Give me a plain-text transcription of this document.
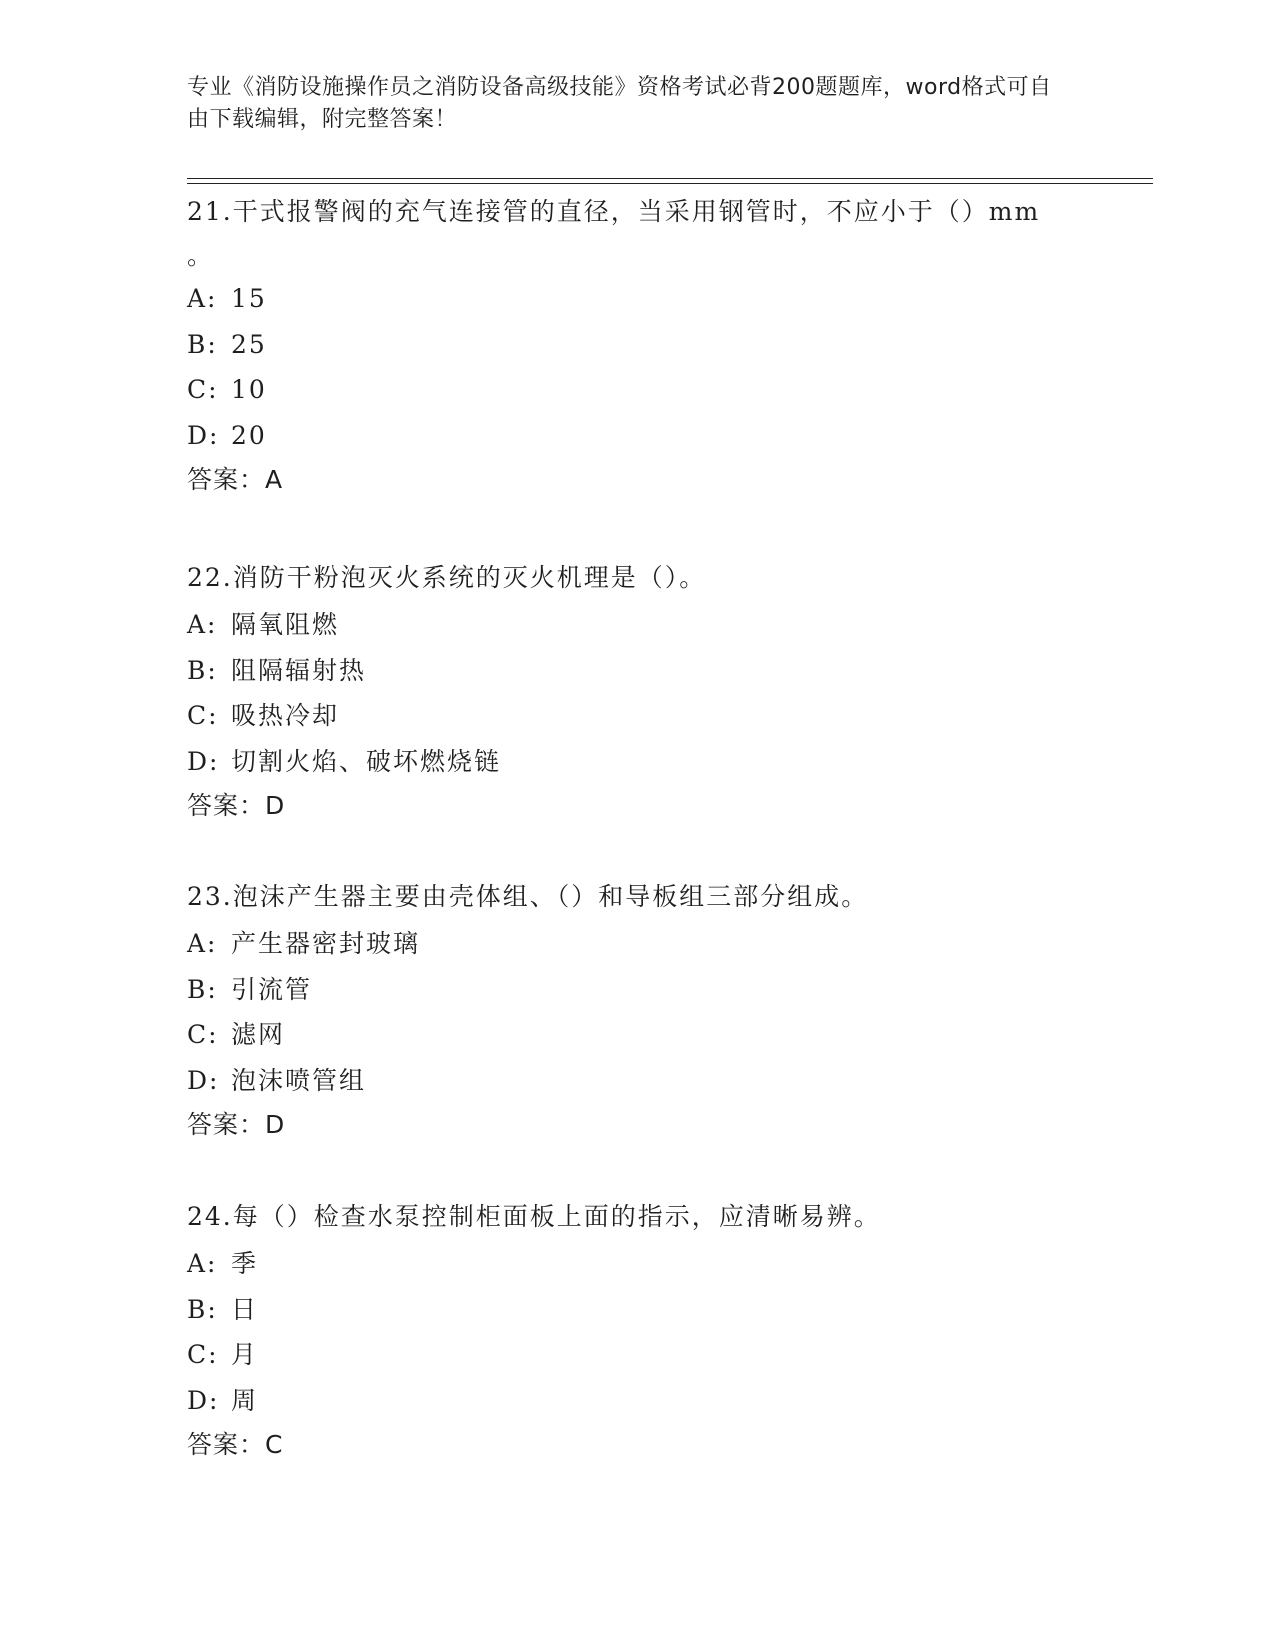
专业《消防设施操作员之消防设备高级技能》资格考试必背200题题库，word格式可自由下载编辑，附完整答案！

21.干式报警阀的充气连接管的直径，当采用钢管时，不应小于（）mm

。

A: 15
B: 25
C: 10
D: 20
答案：A

22.消防干粉泡灭火系统的灭火机理是（）。

A: 隔氧阻燃
B: 阻隔辐射热
C: 吸热冷却
D: 切割火焰、破坏燃烧链
答案：D

23.泡沫产生器主要由壳体组、（）和导板组三部分组成。

A: 产生器密封玻璃
B: 引流管
C: 滤网
D: 泡沫喷管组
答案：D

24.每（）检查水泵控制柜面板上面的指示，应清晰易辨。

A: 季
B: 日
C: 月
D: 周
答案：C
